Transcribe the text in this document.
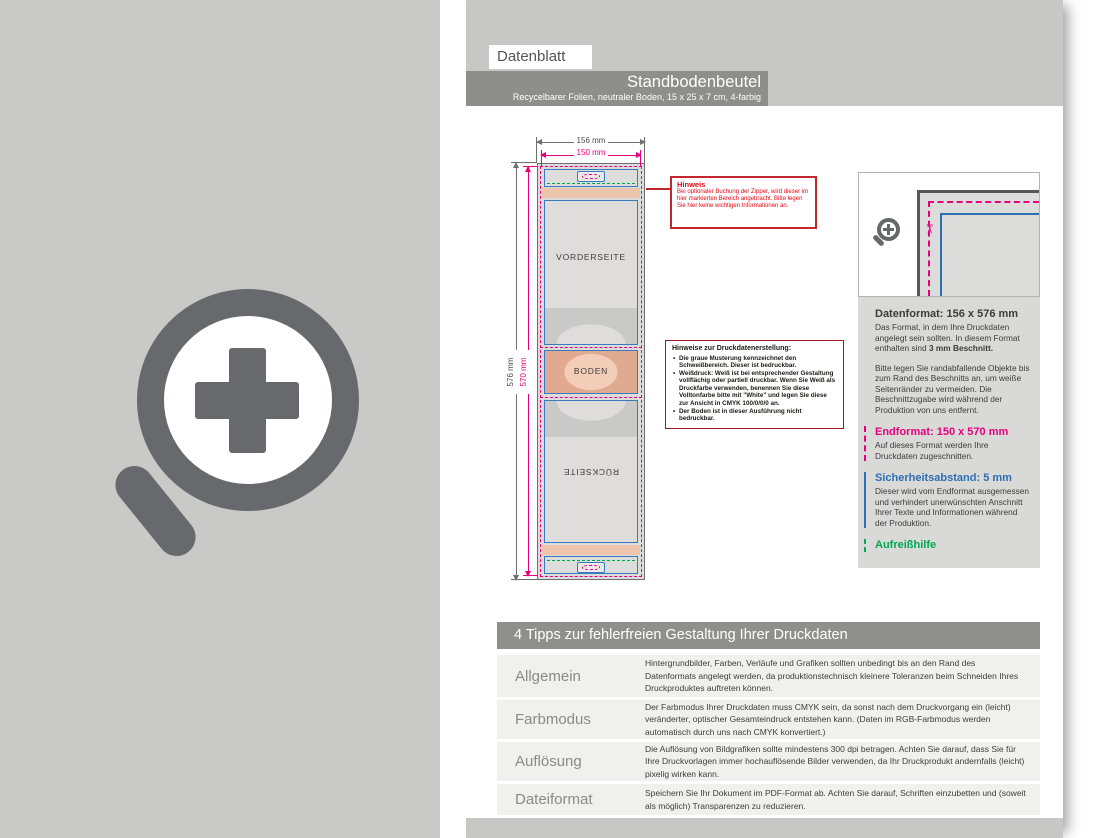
Datenblatt
Standbodenbeutel
Recycelbarer Folien, neutraler Boden, 15 x 25 x 7 cm, 4-farbig
VORDERSEITE
BODEN
RÜCKSEITE
156 mm
150 mm
576 mm 570 mm
Hinweis
Bei optionaler Buchung der Zipper, wird dieser im hier markierten Bereich angebracht. Bitte legen Sie hier keine wichtigen Informationen an.
Hinweise zur Druckdatenerstellung:
• Die graue Musterung kennzeichnet den Schweißbereich. Dieser ist bedruckbar.
• Weißdruck: Weiß ist bei entsprechender Gestaltung vollflächig oder partiell druckbar. Wenn Sie Weiß als Druckfarbe verwenden, benennen Sie diese Volltonfarbe bitte mit "White" und legen Sie diese zur Ansicht in CMYK 100/0/0/0 an.
• Der Boden ist in dieser Ausführung nicht bedruckbar.
✂
Datenformat: 156 x 576 mm
Das Format, in dem Ihre Druckdaten angelegt sein sollten. In diesem Format enthalten sind 3 mm Beschnitt.
Bitte legen Sie randabfallende Objekte bis zum Rand des Beschnitts an, um weiße Seitenränder zu vermeiden. Die Beschnittzugabe wird während der Produktion von uns entfernt.
Endformat: 150 x 570 mm
Auf dieses Format werden Ihre Druckdaten zugeschnitten.
Sicherheitsabstand: 5 mm
Dieser wird vom Endformat ausgemessen und verhindert unerwünschten Anschnitt Ihrer Texte und Informationen während der Produktion.
Aufreißhilfe
4 Tipps zur fehlerfreien Gestaltung Ihrer Druckdaten
Allgemein
Hintergrundbilder, Farben, Verläufe und Grafiken sollten unbedingt bis an den Rand des Datenformats angelegt werden, da produktionstechnisch kleinere Toleranzen beim Schneiden Ihres Druckproduktes auftreten können.
Farbmodus
Der Farbmodus Ihrer Druckdaten muss CMYK sein, da sonst nach dem Druckvorgang ein (leicht) veränderter, optischer Gesamteindruck entstehen kann. (Daten im RGB-Farbmodus werden automatisch durch uns nach CMYK konvertiert.)
Auflösung
Die Auflösung von Bildgrafiken sollte mindestens 300 dpi betragen. Achten Sie darauf, dass Sie für Ihre Druckvorlagen immer hochauflösende Bilder verwenden, da Ihr Druckprodukt andernfalls (leicht) pixelig wirken kann.
Dateiformat	Speichern Sie Ihr Dokument im PDF-Format ab. Achten Sie darauf, Schriften einzubetten und (soweit als möglich) Transparenzen zu reduzieren.
